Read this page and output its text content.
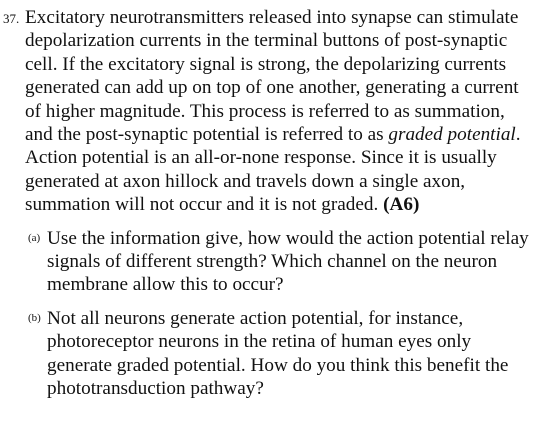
37. Excitatory neurotransmitters released into synapse can stimulate depolarization currents in the terminal buttons of post-synaptic cell. If the excitatory signal is strong, the depolarizing currents generated can add up on top of one another, generating a current of higher magnitude. This process is referred to as summation, and the post-synaptic potential is referred to as graded potential. Action potential is an all-or-none response. Since it is usually generated at axon hillock and travels down a single axon, summation will not occur and it is not graded. (A6)
(a) Use the information give, how would the action potential relay signals of different strength? Which channel on the neuron membrane allow this to occur?
(b) Not all neurons generate action potential, for instance, photoreceptor neurons in the retina of human eyes only generate graded potential. How do you think this benefit the phototransduction pathway?
